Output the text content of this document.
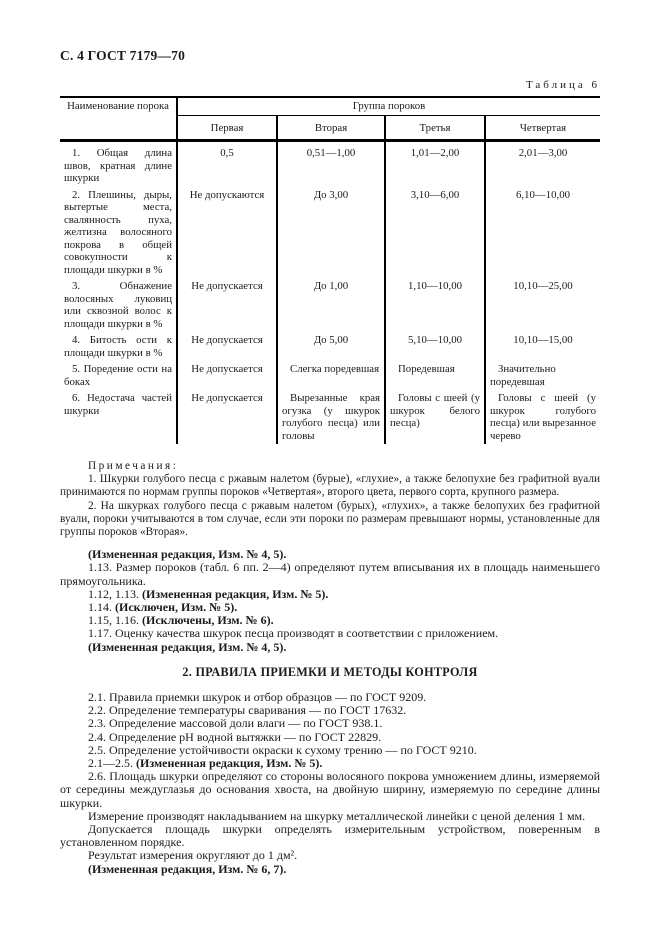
С. 4 ГОСТ 7179—70
Таблица 6
Наименование порока	Группа пороков			
	Первая	Вторая	Третья	Четвертая
1. Общая длина швов, кратная длине шкурки	0,5	0,51—1,00	1,01—2,00	2,01—3,00
2. Плешины, дыры, вытертые места, свалянность пуха, желтизна волосяного покрова в общей совокупности к площади шкурки в %	Не допускаются	До 3,00	3,10—6,00	6,10—10,00
3. Обнажение волосяных луковиц или сквозной волос к площади шкурки в %	Не допускается	До 1,00	1,10—10,00	10,10—25,00
4. Битость ости к площади шкурки в %	Не допускается	До 5,00	5,10—10,00	10,10—15,00
5. Поредение ости на боках	Не допускается	Слегка поредевшая	Поредевшая	Значительно поредевшая
6. Недостача частей шкурки	Не допускается	Вырезанные края огузка (у шкурок голубого песца) или головы	Головы с шеей (у шкурок белого песца)	Головы с шеей (у шкурок голубого песца) или вырезанное черево
Примечания:

1. Шкурки голубого песца с ржавым налетом (бурые), «глухие», а также белопухие без графитной вуали принимаются по нормам группы пороков «Четвертая», второго цвета, первого сорта, крупного размера.

2. На шкурках голубого песца с ржавым налетом (бурых), «глухих», а также белопухих без графитной вуали, пороки учитываются в том случае, если эти пороки по размерам превышают нормы, установленные для группы пороков «Вторая».

(Измененная редакция, Изм. № 4, 5).

1.13. Размер пороков (табл. 6 пп. 2—4) определяют путем вписывания их в площадь наименьшего прямоугольника.

1.12, 1.13. (Измененная редакция, Изм. № 5).

1.14. (Исключен, Изм. № 5).

1.15, 1.16. (Исключены, Изм. № 6).

1.17. Оценку качества шкурок песца производят в соответствии с приложением.

(Измененная редакция, Изм. № 4, 5).

2. ПРАВИЛА ПРИЕМКИ И МЕТОДЫ КОНТРОЛЯ

2.1. Правила приемки шкурок и отбор образцов — по ГОСТ 9209.

2.2. Определение температуры сваривания — по ГОСТ 17632.

2.3. Определение массовой доли влаги — по ГОСТ 938.1.

2.4. Определение pH водной вытяжки — по ГОСТ 22829.

2.5. Определение устойчивости окраски к сухому трению — по ГОСТ 9210.

2.1—2.5. (Измененная редакция, Изм. № 5).

2.6. Площадь шкурки определяют со стороны волосяного покрова умножением длины, измеряемой от середины междуглазья до основания хвоста, на двойную ширину, измеряемую по середине длины шкурки.

Измерение производят накладыванием на шкурку металлической линейки с ценой деления 1 мм.

Допускается площадь шкурки определять измерительным устройством, поверенным в установленном порядке.

Результат измерения округляют до 1 дм².

(Измененная редакция, Изм. № 6, 7).
